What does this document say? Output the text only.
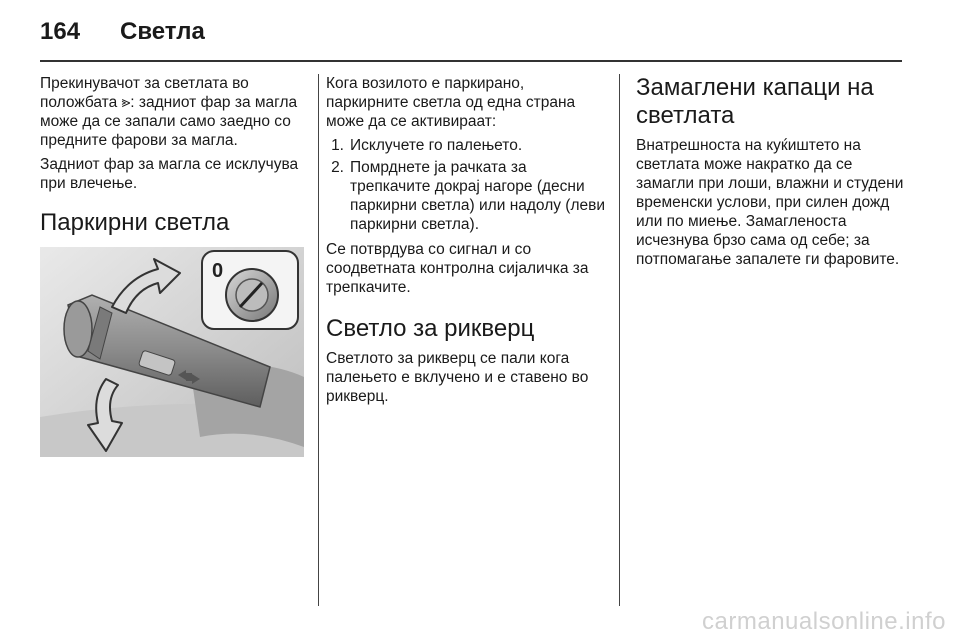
164	Светла

Прекинувачот за светлата во положбата ⪢: задниот фар за магла може да се запали само заедно со предните фарови за магла.

Задниот фар за магла се исклучува при влечење.

Паркирни светла
0

Кога возилото е паркирано, паркирните светла од една страна може да се активираат:

1. Исклучете го палењето.
2. Помрднете ја рачката за трепкачите докрај нагоре (десни паркирни светла) или надолу (леви паркирни светла).

Се потврдува со сигнал и со соодветната контролна сијаличка за трепкачите.

Светло за рикверц

Светлото за рикверц се пали кога палењето е вклучено и е ставено во рикверц.

Замаглени капаци на светлата

Внатрешноста на куќиштето на светлата може накратко да се замагли при лоши, влажни и студени временски услови, при силен дожд или по миење. Замагленоста исчезнува брзо сама од себе; за потпомагање запалете ги фаровите.

carmanualsonline.info
